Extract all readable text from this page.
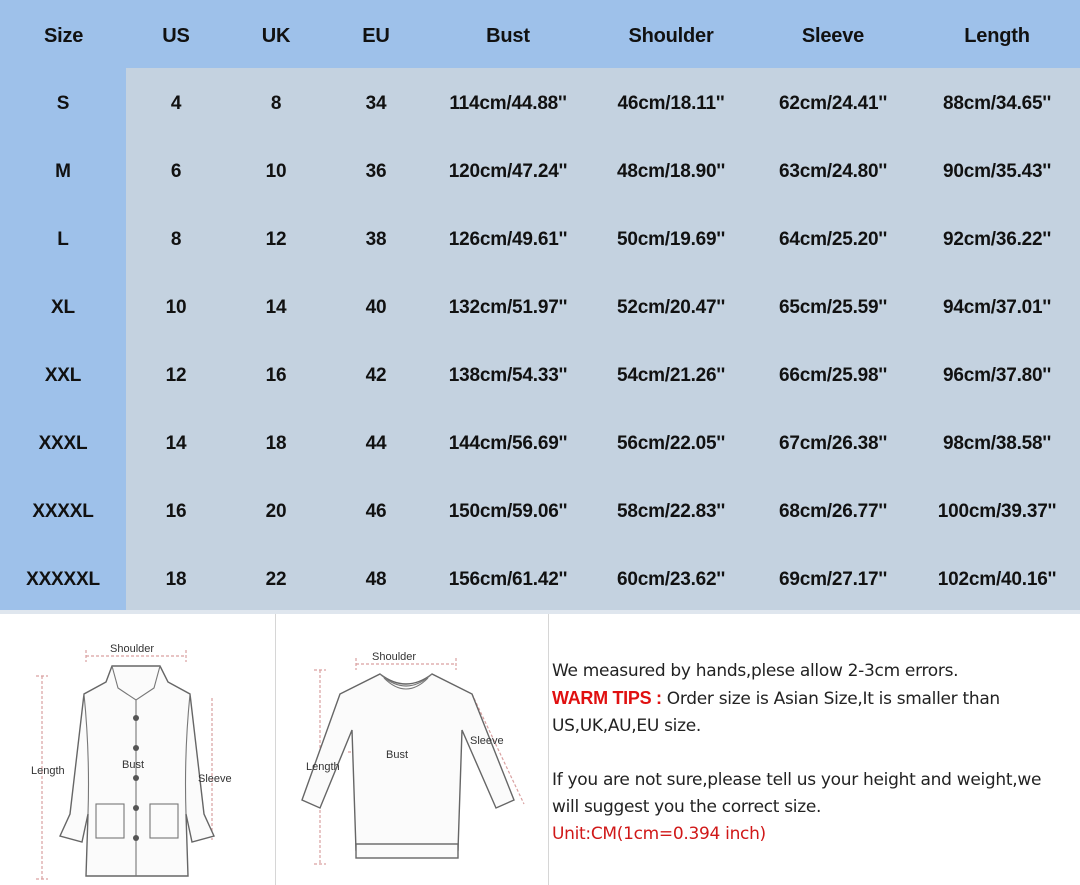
Size	US	UK	EU	Bust	Shoulder	Sleeve	Length
S	4	8	34	114cm/44.88''	46cm/18.11''	62cm/24.41''	88cm/34.65''
M	6	10	36	120cm/47.24''	48cm/18.90''	63cm/24.80''	90cm/35.43''
L	8	12	38	126cm/49.61''	50cm/19.69''	64cm/25.20''	92cm/36.22''
XL	10	14	40	132cm/51.97''	52cm/20.47''	65cm/25.59''	94cm/37.01''
XXL	12	16	42	138cm/54.33''	54cm/21.26''	66cm/25.98''	96cm/37.80''
XXXL	14	18	44	144cm/56.69''	56cm/22.05''	67cm/26.38''	98cm/38.58''
XXXXL	16	20	46	150cm/59.06''	58cm/22.83''	68cm/26.77''	100cm/39.37''
XXXXXL	18	22	48	156cm/61.42''	60cm/23.62''	69cm/27.17''	102cm/40.16''
Shoulder
Length	Bust
Sleeve
Shoulder
Length
Bust
Sleeve

We measured by hands,plese allow 2-3cm errors.

WARM TIPS : Order size is Asian Size,It is smaller than

US,UK,AU,EU size.

If you are not sure,please tell us your height and weight,we

will suggest you the correct size.

Unit:CM(1cm=0.394 inch)
